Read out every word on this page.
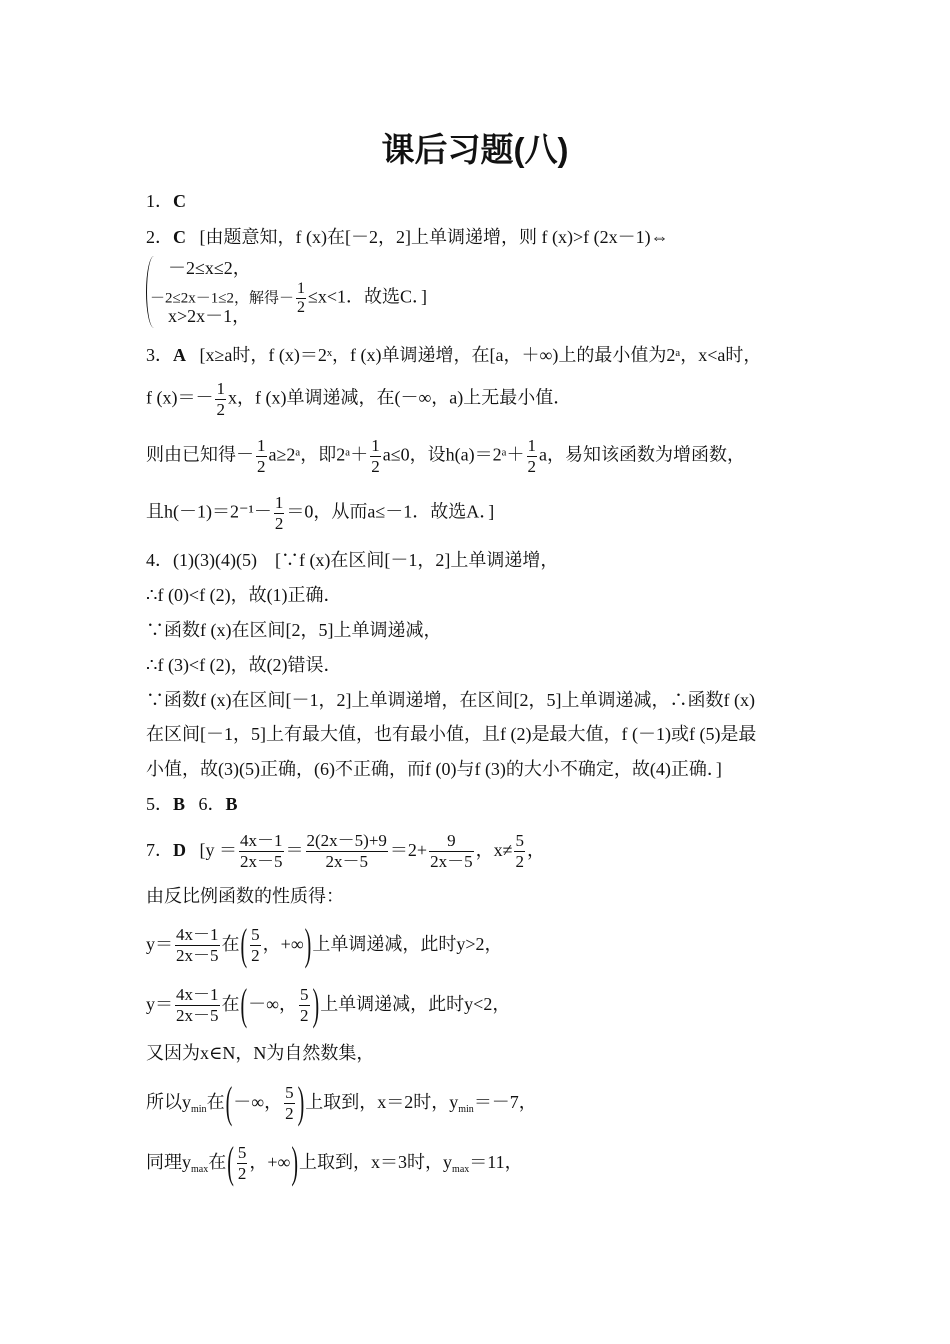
课后习题(八)
1．C
2．C [由题意知，f (x)在[－2，2]上单调递增，则 f (x)>f (2x－1)⇔
－2≤x≤2，
－2≤2x－1≤2，解得－ $\frac{1}{2} \le x<1$．故选C．]
x>2x－1，
3．A [x≥a时，f (x)＝2ˣ，f (x)单调递增，在[a，＋∞)上的最小值为2ᵃ，x<a时，
f $(x)=- \frac{1}{2}$ x，f (x)单调递减，在(－∞，a)上无最小值．
则由已知得－ $\frac{1}{2}$ a≥2ᵃ，即2ᵃ＋ $\frac{1}{2} a\le 0$，设h(a)＝2ᵃ＋ $\frac{1}{2}$ a，易知该函数为增函数，
且$h(-1)=2^{-1}- \frac{1}{2} =0$，从而a≤－1．故选A．]
4．(1)(3)(4)(5)　[∵f (x)在区间[－1，2]上单调递增，
∴f (0)<f (2)，故(1)正确．
∵函数f (x)在区间[2，5]上单调递减，
∴f (3)<f (2)，故(2)错误．
∵函数f (x)在区间[－1，2]上单调递增，在区间[2，5]上单调递减，∴函数f (x)
在区间[－1，5]上有最大值，也有最小值，且f (2)是最大值，f (－1)或f (5)是最
小值，故(3)(5)正确，(6)不正确，而f (0)与f (3)的大小不确定，故(4)正确．]
5．B 6．B
7．D [$y = \frac{4x-1}{2x-5} = \frac{2(2x-5)+9}{2x-5} =2+ \frac{9}{2x-5}$ ，$x\ne \frac{5}{2}$ ，
由反比例函数的性质得：
$y= \frac{4x-1}{2x-5}$ 在( $\frac{5}{2}$ ，+∞)上单调递减，此时y>2，
$y= \frac{4x-1}{2x-5}$ 在(－∞， $\frac{5}{2}$ )上单调递减，此时y<2，
又因为x∈N，N为自然数集，
所以$y_{min}$在(－∞， $\frac{5}{2}$ )上取到，x＝2时，$y_{min}=-7$，
同理$y_{max}$在( $\frac{5}{2}$ ，+∞)上取到，x＝3时，$y_{max}=11$，
